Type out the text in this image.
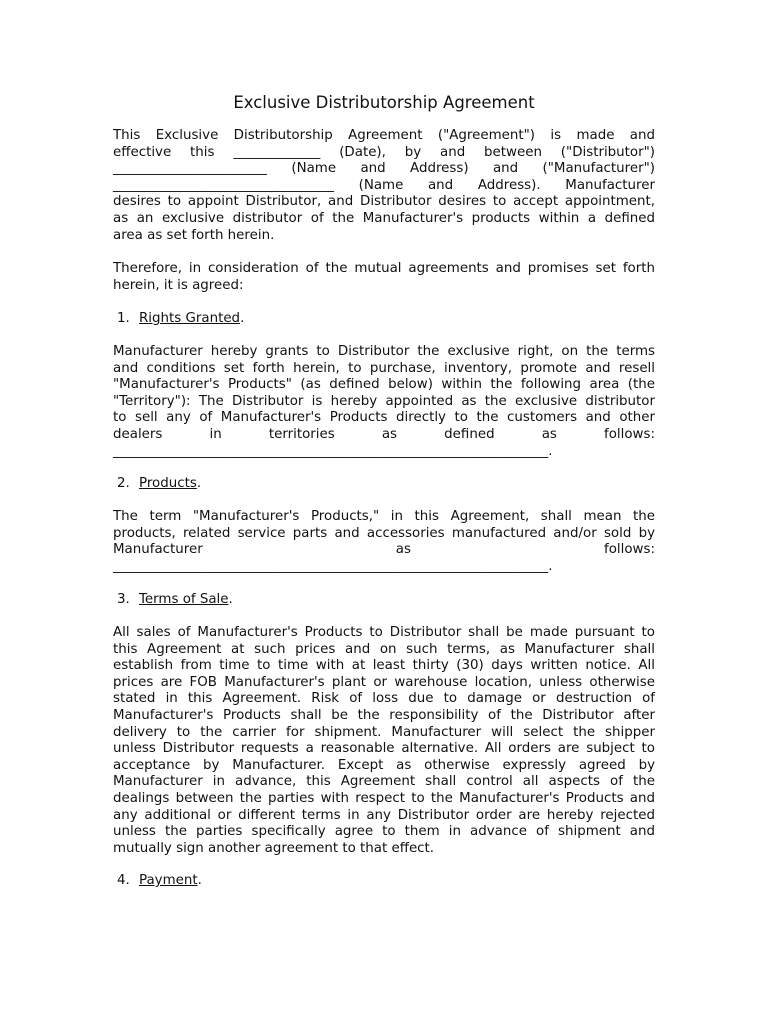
Exclusive Distributorship Agreement
This Exclusive Distributorship Agreement ("Agreement") is made and
effective this _____________ (Date), by and between ("Distributor")
_______________________ (Name and Address) and ("Manufacturer")
_________________________________ (Name and Address). Manufacturer
desires to appoint Distributor, and Distributor desires to accept appointment,
as an exclusive distributor of the Manufacturer's products within a defined
area as set forth herein.
Therefore, in consideration of the mutual agreements and promises set forth
herein, it is agreed:
1. Rights Granted.
Manufacturer hereby grants to Distributor the exclusive right, on the terms
and conditions set forth herein, to purchase, inventory, promote and resell
"Manufacturer's Products" (as defined below) within the following area (the
"Territory"): The Distributor is hereby appointed as the exclusive distributor
to sell any of Manufacturer's Products directly to the customers and other
dealers in territories as defined as follows:
_________________________________________________________________.
2. Products.
The term "Manufacturer's Products," in this Agreement, shall mean the
products, related service parts and accessories manufactured and/or sold by
Manufacturer as follows:
_________________________________________________________________.
3. Terms of Sale.
All sales of Manufacturer's Products to Distributor shall be made pursuant to
this Agreement at such prices and on such terms, as Manufacturer shall
establish from time to time with at least thirty (30) days written notice. All
prices are FOB Manufacturer's plant or warehouse location, unless otherwise
stated in this Agreement. Risk of loss due to damage or destruction of
Manufacturer's Products shall be the responsibility of the Distributor after
delivery to the carrier for shipment. Manufacturer will select the shipper
unless Distributor requests a reasonable alternative. All orders are subject to
acceptance by Manufacturer. Except as otherwise expressly agreed by
Manufacturer in advance, this Agreement shall control all aspects of the
dealings between the parties with respect to the Manufacturer's Products and
any additional or different terms in any Distributor order are hereby rejected
unless the parties specifically agree to them in advance of shipment and
mutually sign another agreement to that effect.
4. Payment.
